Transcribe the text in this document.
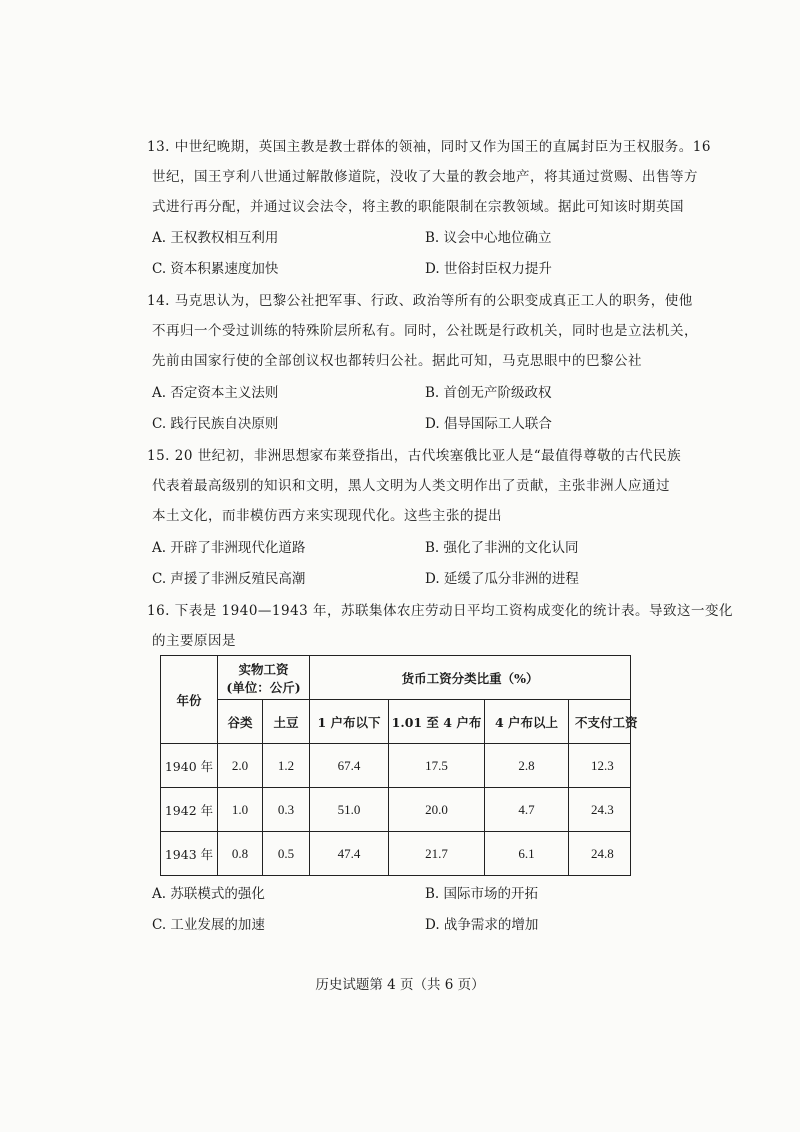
13. 中世纪晚期，英国主教是教士群体的领袖，同时又作为国王的直属封臣为王权服务。16
世纪，国王亨利八世通过解散修道院，没收了大量的教会地产，将其通过赏赐、出售等方
式进行再分配，并通过议会法令，将主教的职能限制在宗教领域。据此可知该时期英国
A. 王权教权相互利用	B. 议会中心地位确立
C. 资本积累速度加快	D. 世俗封臣权力提升
14. 马克思认为，巴黎公社把军事、行政、政治等所有的公职变成真正工人的职务，使他
不再归一个受过训练的特殊阶层所私有。同时，公社既是行政机关，同时也是立法机关，
先前由国家行使的全部创议权也都转归公社。据此可知，马克思眼中的巴黎公社
A. 否定资本主义法则	B. 首创无产阶级政权
C. 践行民族自决原则	D. 倡导国际工人联合
15. 20 世纪初，非洲思想家布莱登指出，古代埃塞俄比亚人是“最值得尊敬的古代民族
代表着最高级别的知识和文明，黑人文明为人类文明作出了贡献，主张非洲人应通过
本土文化，而非模仿西方来实现现代化。这些主张的提出
A. 开辟了非洲现代化道路	B. 强化了非洲的文化认同
C. 声援了非洲反殖民高潮	D. 延缓了瓜分非洲的进程
16. 下表是 1940—1943 年，苏联集体农庄劳动日平均工资构成变化的统计表。导致这一变化
的主要原因是
年份	实物工资
(单位：公斤)		货币工资分类比重（%）			
	谷类	土豆	1 户布以下	1.01 至 4 户布	4 户布以上	不支付工资
1940 年	2.0	1.2	67.4	17.5	2.8	12.3
1942 年	1.0	0.3	51.0	20.0	4.7	24.3
1943 年	0.8	0.5	47.4	21.7	6.1	24.8
A. 苏联模式的强化	B. 国际市场的开拓
C. 工业发展的加速	D. 战争需求的增加
历史试题第 4 页（共 6 页）
